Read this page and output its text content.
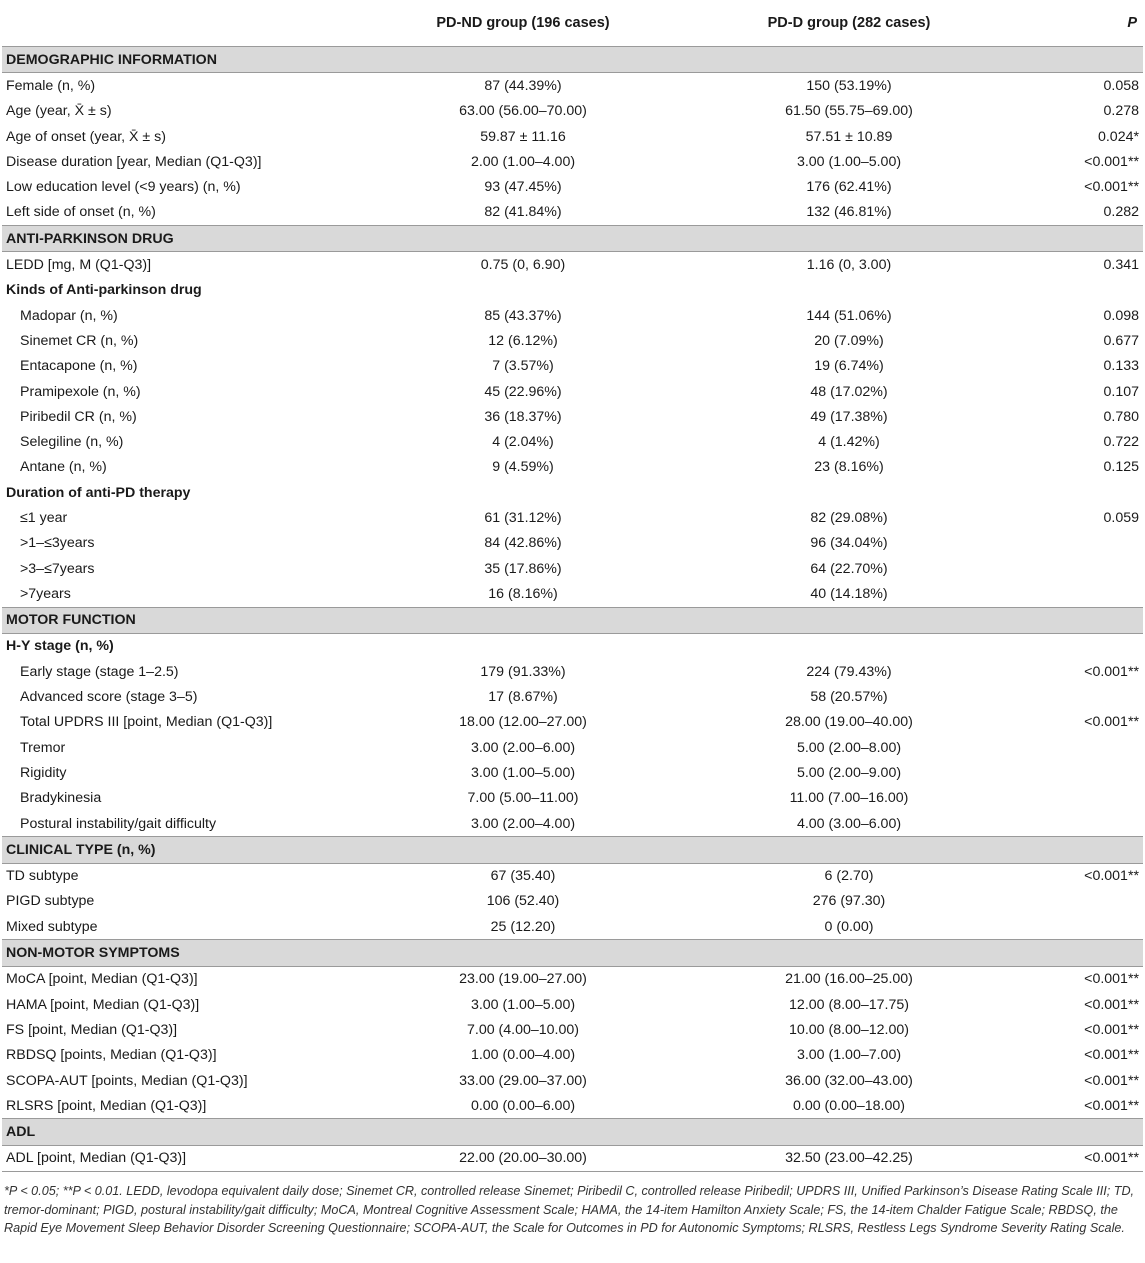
	PD-ND group (196 cases)	PD-D group (282 cases)	P
DEMOGRAPHIC INFORMATION			
Female (n, %)	87 (44.39%)	150 (53.19%)	0.058
Age (year, X̄ ± s)	63.00 (56.00–70.00)	61.50 (55.75–69.00)	0.278
Age of onset (year, X̄ ± s)	59.87 ± 11.16	57.51 ± 10.89	0.024*
Disease duration [year, Median (Q1-Q3)]	2.00 (1.00–4.00)	3.00 (1.00–5.00)	<0.001**
Low education level (<9 years) (n, %)	93 (47.45%)	176 (62.41%)	<0.001**
Left side of onset (n, %)	82 (41.84%)	132 (46.81%)	0.282
ANTI-PARKINSON DRUG			
LEDD [mg, M (Q1-Q3)]	0.75 (0, 6.90)	1.16 (0, 3.00)	0.341
Kinds of Anti-parkinson drug			
Madopar (n, %)	85 (43.37%)	144 (51.06%)	0.098
Sinemet CR (n, %)	12 (6.12%)	20 (7.09%)	0.677
Entacapone (n, %)	7 (3.57%)	19 (6.74%)	0.133
Pramipexole (n, %)	45 (22.96%)	48 (17.02%)	0.107
Piribedil CR (n, %)	36 (18.37%)	49 (17.38%)	0.780
Selegiline (n, %)	4 (2.04%)	4 (1.42%)	0.722
Antane (n, %)	9 (4.59%)	23 (8.16%)	0.125
Duration of anti-PD therapy			
≤1 year	61 (31.12%)	82 (29.08%)	0.059
>1–≤3years	84 (42.86%)	96 (34.04%)	
>3–≤7years	35 (17.86%)	64 (22.70%)	
>7years	16 (8.16%)	40 (14.18%)	
MOTOR FUNCTION			
H-Y stage (n, %)			
Early stage (stage 1–2.5)	179 (91.33%)	224 (79.43%)	<0.001**
Advanced score (stage 3–5)	17 (8.67%)	58 (20.57%)	
Total UPDRS III [point, Median (Q1-Q3)]	18.00 (12.00–27.00)	28.00 (19.00–40.00)	<0.001**
Tremor	3.00 (2.00–6.00)	5.00 (2.00–8.00)	
Rigidity	3.00 (1.00–5.00)	5.00 (2.00–9.00)	
Bradykinesia	7.00 (5.00–11.00)	11.00 (7.00–16.00)	
Postural instability/gait difficulty	3.00 (2.00–4.00)	4.00 (3.00–6.00)	
CLINICAL TYPE (n, %)			
TD subtype	67 (35.40)	6 (2.70)	<0.001**
PIGD subtype	106 (52.40)	276 (97.30)	
Mixed subtype	25 (12.20)	0 (0.00)	
NON-MOTOR SYMPTOMS			
MoCA [point, Median (Q1-Q3)]	23.00 (19.00–27.00)	21.00 (16.00–25.00)	<0.001**
HAMA [point, Median (Q1-Q3)]	3.00 (1.00–5.00)	12.00 (8.00–17.75)	<0.001**
FS [point, Median (Q1-Q3)]	7.00 (4.00–10.00)	10.00 (8.00–12.00)	<0.001**
RBDSQ [points, Median (Q1-Q3)]	1.00 (0.00–4.00)	3.00 (1.00–7.00)	<0.001**
SCOPA-AUT [points, Median (Q1-Q3)]	33.00 (29.00–37.00)	36.00 (32.00–43.00)	<0.001**
RLSRS [point, Median (Q1-Q3)]	0.00 (0.00–6.00)	0.00 (0.00–18.00)	<0.001**
ADL			
ADL [point, Median (Q1-Q3)]	22.00 (20.00–30.00)	32.50 (23.00–42.25)	<0.001**
*P < 0.05; **P < 0.01. LEDD, levodopa equivalent daily dose; Sinemet CR, controlled release Sinemet; Piribedil C, controlled release Piribedil; UPDRS III, Unified Parkinson’s Disease Rating Scale III; TD, tremor-dominant; PIGD, postural instability/gait difficulty; MoCA, Montreal Cognitive Assessment Scale; HAMA, the 14-item Hamilton Anxiety Scale; FS, the 14-item Chalder Fatigue Scale; RBDSQ, the Rapid Eye Movement Sleep Behavior Disorder Screening Questionnaire; SCOPA-AUT, the Scale for Outcomes in PD for Autonomic Symptoms; RLSRS, Restless Legs Syndrome Severity Rating Scale.
